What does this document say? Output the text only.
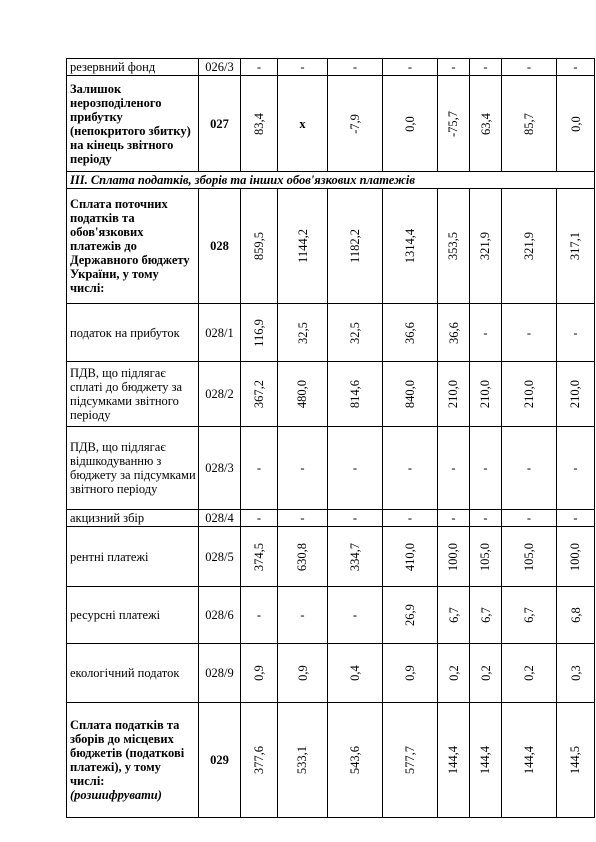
резервний фонд	026/3	-	-	-	-	-	-	-	-
Залишок нерозподіленого прибутку (непокритого збитку) на кінець звітного періоду	027	83,4	x	-7,9	0,0	-75,7	63,4	85,7	0,0
ІІІ. Сплата податків, зборів та інших обов'язкових платежів									
Сплата поточних податків та обов'язкових платежів до Державного бюджету України, у тому числі:	028	859,5	1144,2	1182,2	1314,4	353,5	321,9	321,9	317,1
податок на прибуток	028/1	116,9	32,5	32,5	36,6	36,6	-	-	-
ПДВ, що підлягає сплаті до бюджету за підсумками звітного періоду	028/2	367,2	480,0	814,6	840,0	210,0	210,0	210,0	210,0
ПДВ, що підлягає відшкодуванню з бюджету за підсумками звітного періоду	028/3	-	-	-	-	-	-	-	-
акцизний збір	028/4	-	-	-	-	-	-	-	-
рентні платежі	028/5	374,5	630,8	334,7	410,0	100,0	105,0	105,0	100,0
ресурсні платежі	028/6	-	-	-	26,9	6,7	6,7	6,7	6,8
екологічний податок	028/9	0,9	0,9	0,4	0,9	0,2	0,2	0,2	0,3
Сплата податків та зборів до місцевих бюджетів (податкові платежі), у тому числі: (розшифрувати)	029	377,6	533,1	543,6	577,7	144,4	144,4	144,4	144,5
